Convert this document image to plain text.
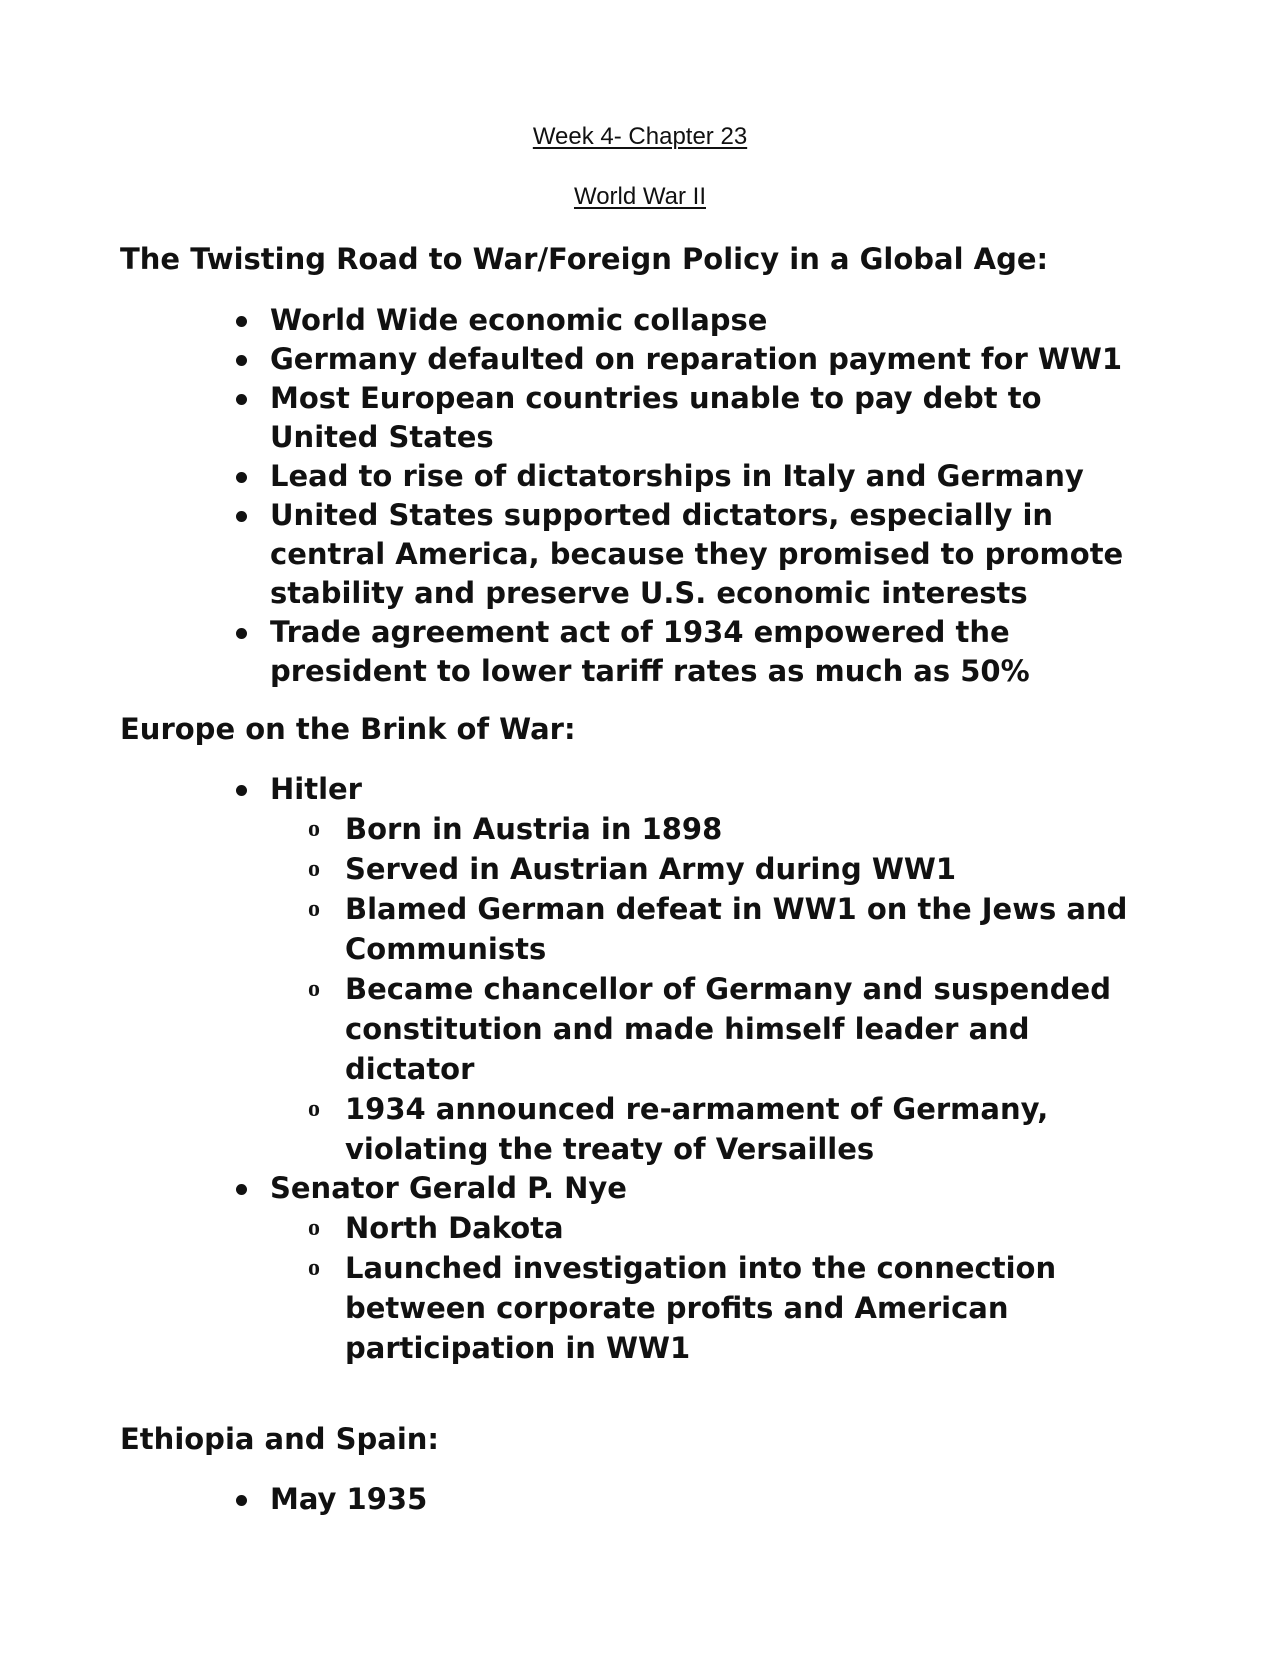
Week 4- Chapter 23
World War II
The Twisting Road to War/Foreign Policy in a Global Age:
World Wide economic collapse
Germany defaulted on reparation payment for WW1
Most European countries unable to pay debt to United States
Lead to rise of dictatorships in Italy and Germany
United States supported dictators, especially in central America, because they promised to promote stability and preserve U.S. economic interests
Trade agreement act of 1934 empowered the president to lower tariff rates as much as 50%
Europe on the Brink of War:
Hitler
o Born in Austria in 1898
o Served in Austrian Army during WW1
o Blamed German defeat in WW1 on the Jews and Communists
o Became chancellor of Germany and suspended constitution and made himself leader and dictator
o 1934 announced re-armament of Germany, violating the treaty of Versailles
Senator Gerald P. Nye
o North Dakota
o Launched investigation into the connection between corporate profits and American participation in WW1
Ethiopia and Spain:
May 1935
